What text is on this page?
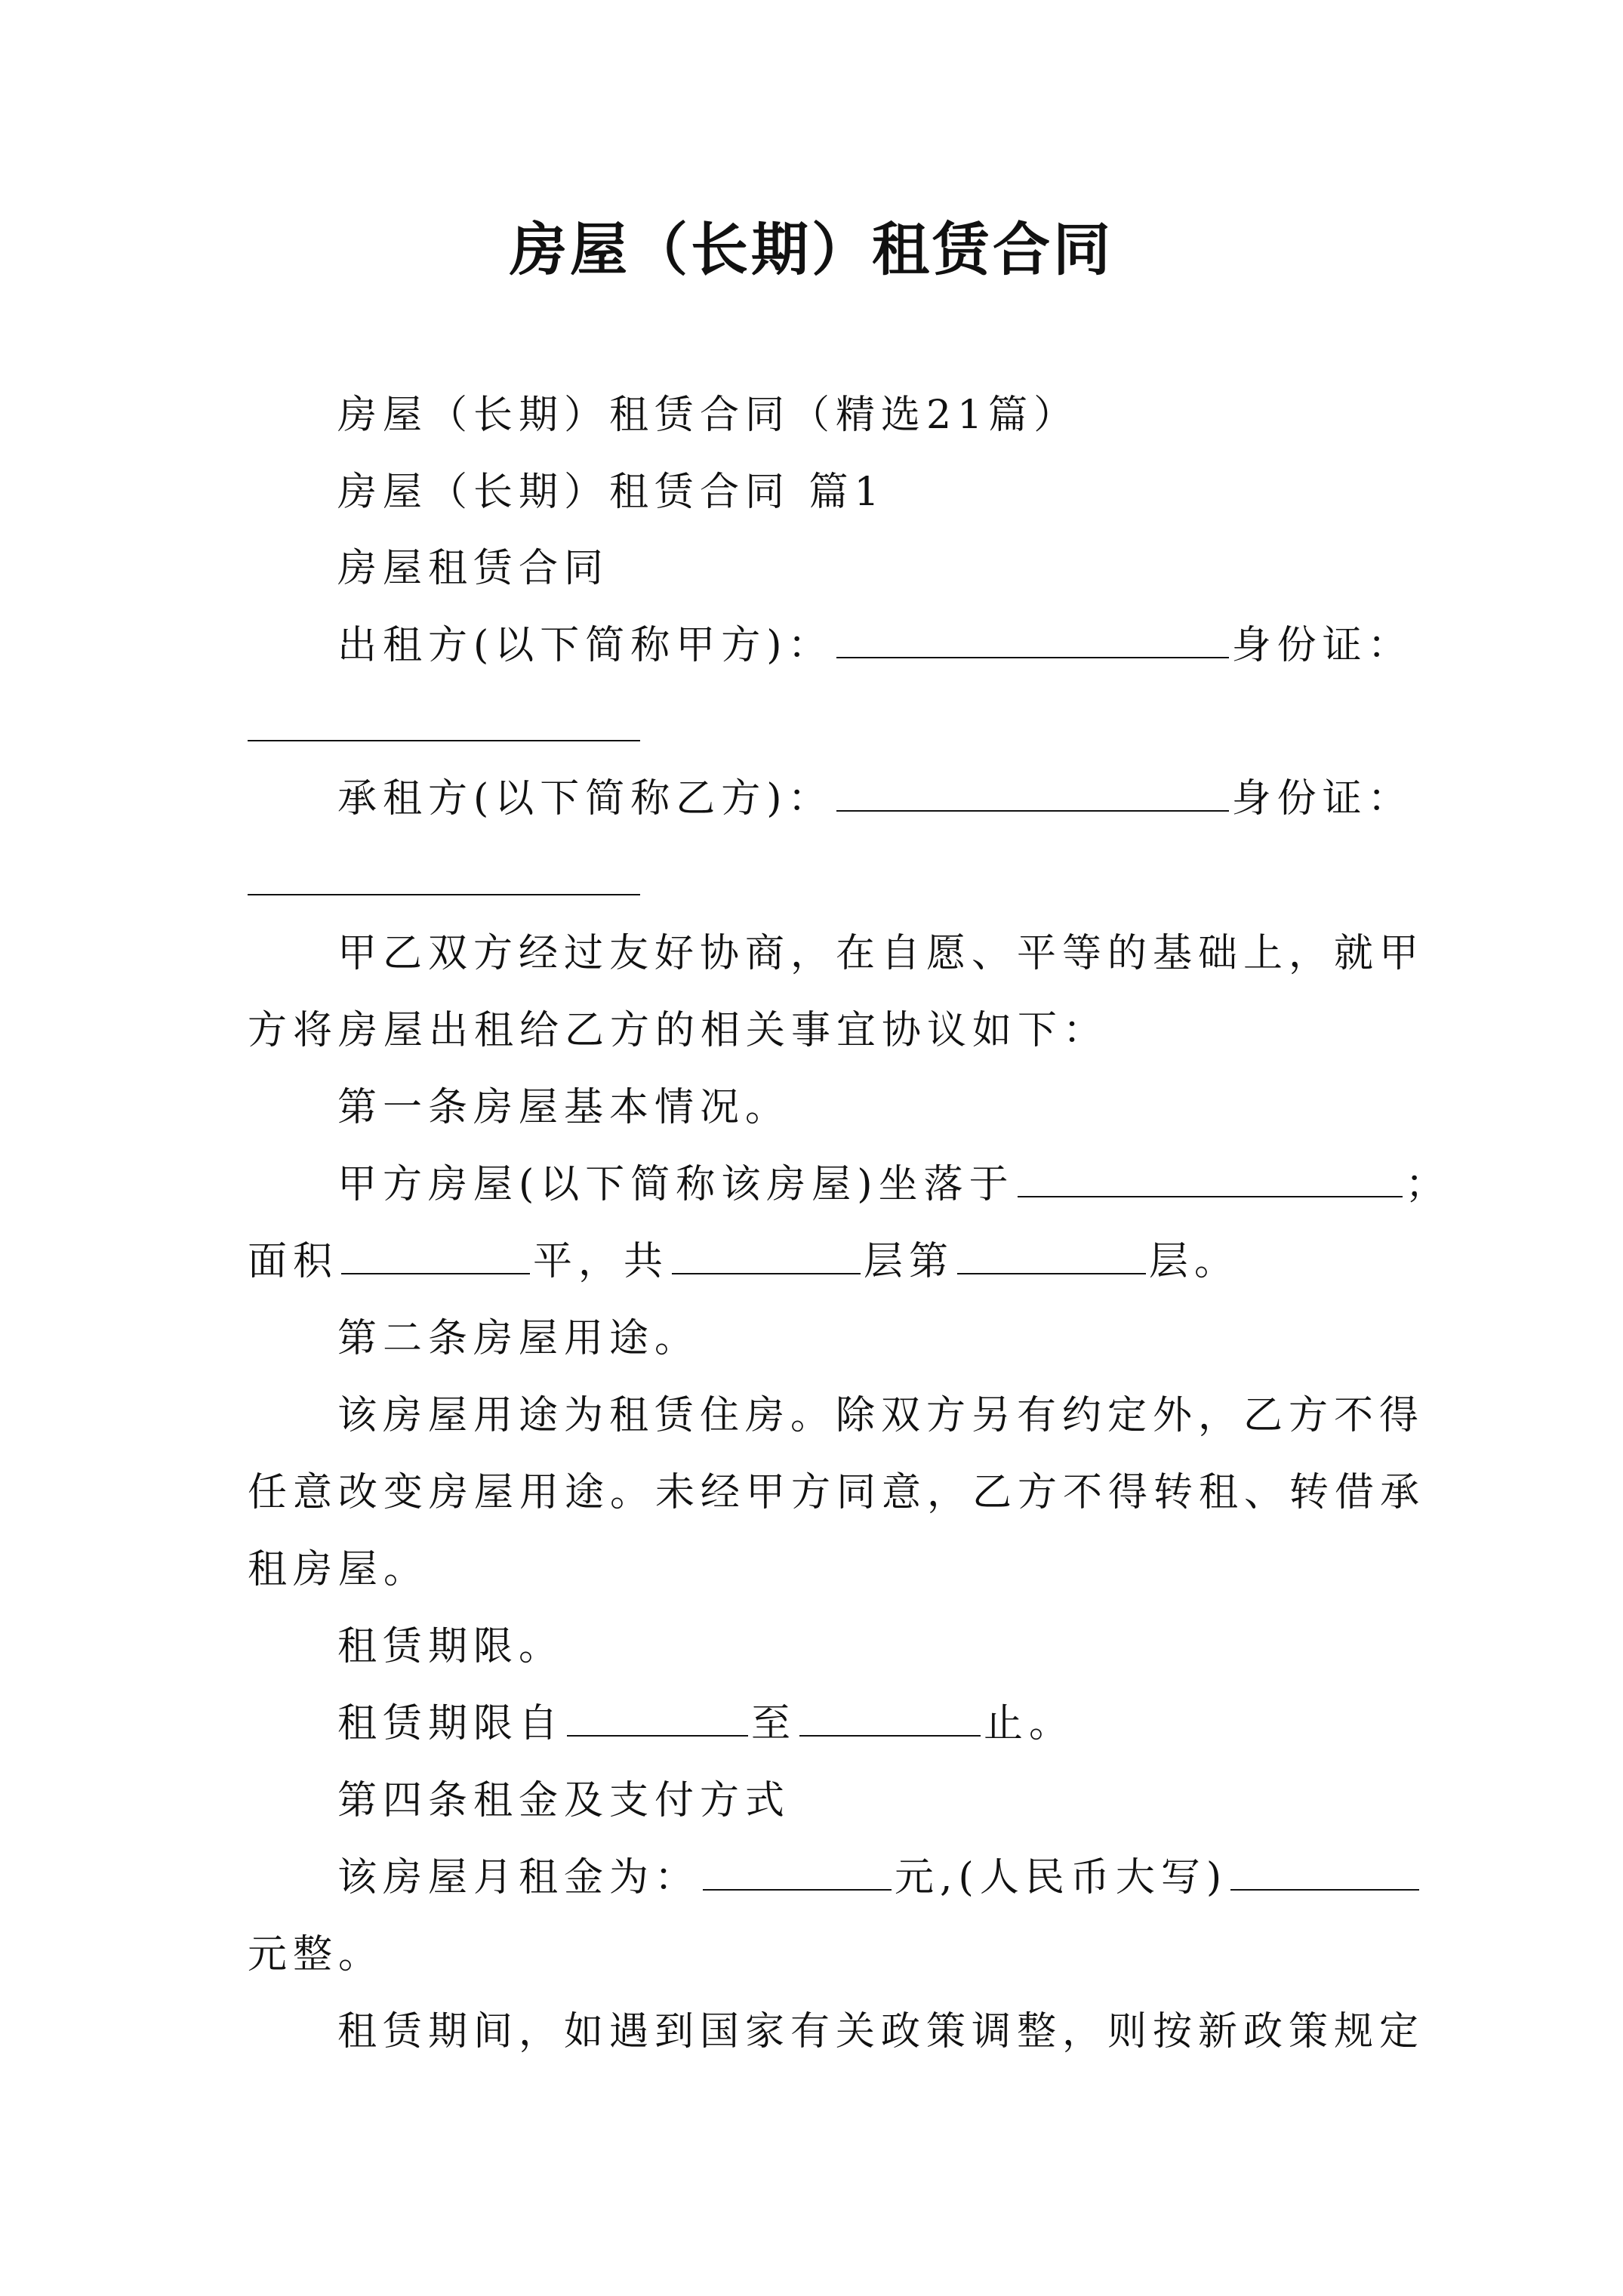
房屋（长期）租赁合同
房屋（长期）租赁合同（精选21篇）
房屋（长期）租赁合同 篇1
房屋租赁合同
出租方(以下简称甲方)：	身份证：
承租方(以下简称乙方)：	身份证：
甲乙双方经过友好协商，在自愿、平等的基础上，就甲
方将房屋出租给乙方的相关事宜协议如下：
第一条房屋基本情况。
甲方房屋(以下简称该房屋)坐落于	；
面积	平，共	层第	层。
第二条房屋用途。
该房屋用途为租赁住房。除双方另有约定外，乙方不得
任意改变房屋用途。未经甲方同意，乙方不得转租、转借承
租房屋。
租赁期限。
租赁期限自	至	止。
第四条租金及支付方式
该房屋月租金为：	元,(人民币大写)
元整。
租赁期间，如遇到国家有关政策调整，则按新政策规定
